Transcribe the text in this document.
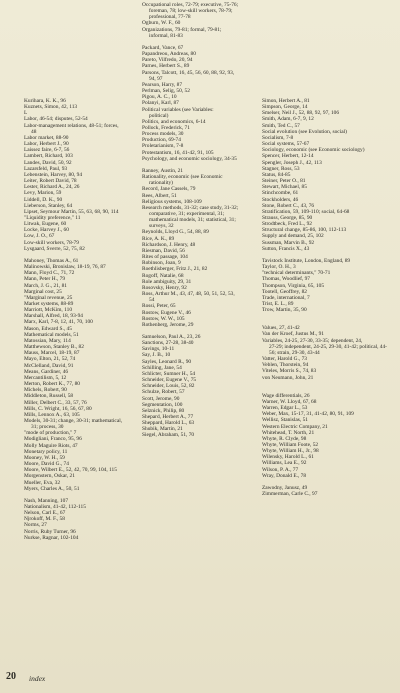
Kurihara, K. K., 96
Kuznets, Simon, 42, 113
L
Labor, 46-54; disputes, 52-54
Labor-management relations, 48-51; forces,
48
Labor market, 88-90
Labor, Herbert J., 90
Laissez faire, 6-7, 56
Lambert, Richard, 103
Landes, David, 50, 92
Lazarsfeld, Paul, 93
Lebenstein, Harvey, 80, 94
Leiter, Robert David, 78
Lester, Richard A., 24, 26
Levy, Marion, 59
Liddell, D. K., 90
Lieberson, Stanley, 64
Lipset, Seymour Martin, 55, 63, 68, 90, 114
"Liquidity preference," 11
Litwak, Eugene, 60
Locke, Harvey J., 60
Low, J. O., 67
Low-skill workers, 78-79
Lysgaard, Sverre, 52, 75, 82
Mahoney, Thomas A., 61
Malinowski, Bronislaw, 18-19, 76, 87
Mann, Floyd C., 71, 72
Mann, Peter H., 79
March, J. G., 21, 81
Marginal cost, 25
"Marginal revenue, 25
Market systems, 88-89
Marriott, McKim, 110
Marshall, Alfred, 18, 93-94
Marx, Karl, 7-8, 12, 41, 70, 100
Mason, Edward S., 45
Mathematical models, 51
Matossian, Mary, 114
Matthewson, Stanley B., 82
Mauss, Marcel, 18-19, 87
Mayo, Elton, 21, 52, 74
McClelland, David, 91
Means, Gardiner, 46
Mercantilism, 5, 12
Merton, Robert K., 77, 80
Michels, Robert, 90
Middleton, Russell, 58
Miller, Delbert C., 33, 57, 76
Mills, C. Wright, 16, 56, 67, 80
Mills, Lennox A., 63, 105
Models, 30-31; change, 30-31; mathematical,
31; process, 30
"mode of production," 7
Modigliani, Franco, 95, 96
Molly Maguire Riots, 47
Monetary policy, 11
Mooney, W. H., 59
Moore, David G., 74
Moore, Wilbert E., 52, 42, 70, 99, 104, 115
Morgenstern, Oskar, 21
Mueller, Eva, 32
Myers, Charles A., 50, 51
Nash, Manning, 107
Nationalism, 41-42, 112-115
Nelson, Carl E., 67
Njrokoff, M. F., 58
Norms, 27
Norris, Ruby Turner, 96
Nurkse, Ragnar, 102-104
Occupational roles, 72-79; executive, 75-76;
foreman, 78; low-skill workers, 78-79; professional, 77-78
Ogburn, W. F., 60
Organizations, 79-81; formal, 79-81;
informal, 81-83
Packard, Vance, 67
Papandreou, Andreas, 80
Pareto, Vilfredo, 20, 94
Parnes, Herbert S., 89
Parsons, Talcott, 16, 45, 56, 60, 88, 92, 93,
94, 97
Pearson, Harry, 87
Perlman, Selig, 50, 52
Pigou, A. C., 10
Polanyi, Karl, 87
Political variables (see Variables:
political)
Politics, and economics, 6-14
Pollock, Frederick, 71
Process models, 30
Production, 69-74
Proletarianism, 7-8
Protestantism, 16, 41-42, 91, 105
Psychology, and economic sociology, 34-35
Ranney, Austin, 21
Rationality, economic (see Economic
rationality)
Record, Jane Cassels, 79
Rees, Albert, 51
Religious systems, 108-109
Research methods, 31-32; case study, 31-32;
comparative, 31; experimental, 31; mathematical models, 31; statistical, 31; surveys, 32
Reynolds, Lloyd G., 54, 88, 89
Rice, A. K., 89
Richardson, J. Henry, 48
Riesman, David, 56
Rites of passage, 104
Robinson, Joan, 9
Roethlisberger, Fritz J., 21, 82
Rogoff, Natalie, 68
Role ambiguity, 29, 31
Rosovsky, Henry, 92
Ross, Arthur M., 43, 47, 48, 50, 51, 52, 53,
54
Rossi, Peter, 65
Rostow, Eugene V., 46
Rostow, W. W., 105
Rothenberg, Jerome, 29
Samuelson, Paul A., 23, 26
Sanctions, 27-28, 38-40
Savings, 10-11
Say, J. B., 10
Sayles, Leonard R., 90
Schilling, Jane, 54
Schlicter, Sumner H., 54
Schneider, Eugene V., 75
Schneider, Louis, 52, 82
Schulze, Robert, 57
Scott, Jerome, 90
Segmentation, 100
Selznick, Philip, 80
Shepard, Herbert A., 77
Sheppard, Harold L., 63
Shubik, Martin, 21
Siegel, Abraham, 51, 70
Simon, Herbert A., 81
Simpson, George, 14
Smelser, Neil J., 52, 88, 92, 97, 106
Smith, Adam, 6-7, 9, 12
Smith, Ted C., 57
Social evolution (see Evolution, social)
Socialism, 7-8
Social systems, 57-67
Sociology, economic (see Economic sociology)
Spencer, Herbert, 12-14
Spengler, Joseph J., 42, 113
Stagner, Ross, 53
Status, 84-85
Steiner, Peter O., 81
Stewart, Michael, 85
Stinchcombe, 61
Stockholders, 46
Stone, Robert C., 43, 76
Stratification, 59, 109-110; social, 64-68
Strauss, George, 85, 90
Strodtbeck, Fred L., 92
Structural change, 85-86, 100, 112-113
Supply and demand, 25, 102
Sussman, Marvin B., 92
Sutton, Francis X., 43
Tavistock Institute, London, England, 89
Taylor, O. H., 3
"technical determinants," 70-71
Thomas, Woodlief, 97
Thompson, Virginia, 65, 105
Tootell, Geoffrey, 82
Trade, international, 7
Trist, E. L., 89
Trow, Martin, 35, 90
Values, 27, 41-42
Van der Kroef, Justus M., 91
Variables, 24-25, 27-30, 33-35; dependent, 24,
27-29; independent, 24-25, 29-30, 41-42; political, 44-56; strain, 29-30, 43-44
Vatter, Harold G., 73
Veblen, Thorstein, 94
Viteles, Morris S., 74, 83
von Neumann, John, 21
Wage differentials, 26
Warner, W. Lloyd, 67, 68
Warren, Edgar L., 53
Weber, Max, 15-17, 31, 41-42, 80, 91, 109
Wellisz, Stanislas, 51
Western Electric Company, 21
Whitehead, T. North, 21
Whyte, R. Clyde, 98
Whyte, William Foote, 52
Whyte, William H., Jr., 98
Wilensky, Harold L., 61
Williams, Lea E., 92
Wilson, P. A., 77
Wray, Donald E., 78
Zawodny, Janusz, 49
Zimmerman, Carle C., 97
20 index
